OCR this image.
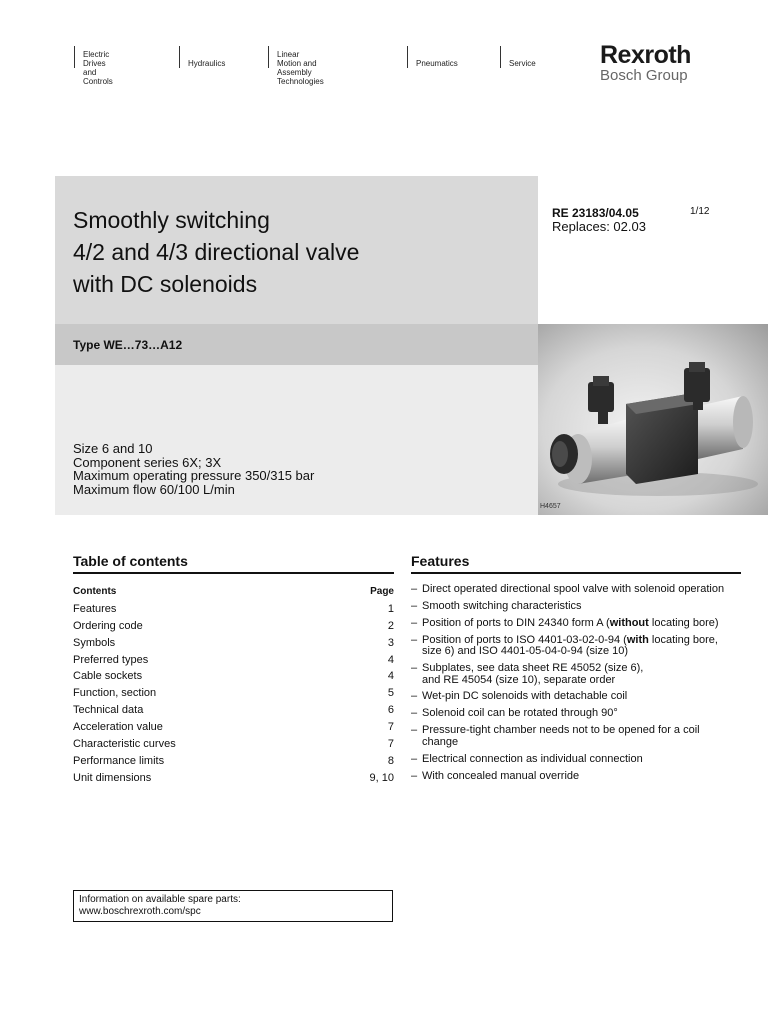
Electric Drives
and Controls
Hydraulics
Linear Motion and
Assembly Technologies
Pneumatics	Service	Rexroth
Bosch Group
Smoothly switching
4/2 and 4/3 directional valve
with DC solenoids
RE 23183/04.05
Replaces: 02.03
1/12
Type WE…73…A12
Size 6 and 10
Component series 6X; 3X
Maximum operating pressure 350/315 bar
Maximum flow 60/100 L/min
H4657
Table of contents
Contents	Page
Features	1
Ordering code	2
Symbols	3
Preferred types	4
Cable sockets	4
Function, section	5
Technical data	6
Acceleration value	7
Characteristic curves	7
Performance limits	8
Unit dimensions	9, 10
Features
– Direct operated directional spool valve with solenoid operation
– Smooth switching characteristics
– Position of ports to DIN 24340 form A (without locating bore)
– Position of ports to ISO 4401-03-02-0-94 (with locating bore,
size 6) and ISO 4401-05-04-0-94 (size 10)
– Subplates, see data sheet RE 45052 (size 6),
and RE 45054 (size 10), separate order
– Wet-pin DC solenoids with detachable coil
– Solenoid coil can be rotated through 90°
– Pressure-tight chamber needs not to be opened for a coil
change
– Electrical connection as individual connection
– With concealed manual override
Information on available spare parts:
www.boschrexroth.com/spc
